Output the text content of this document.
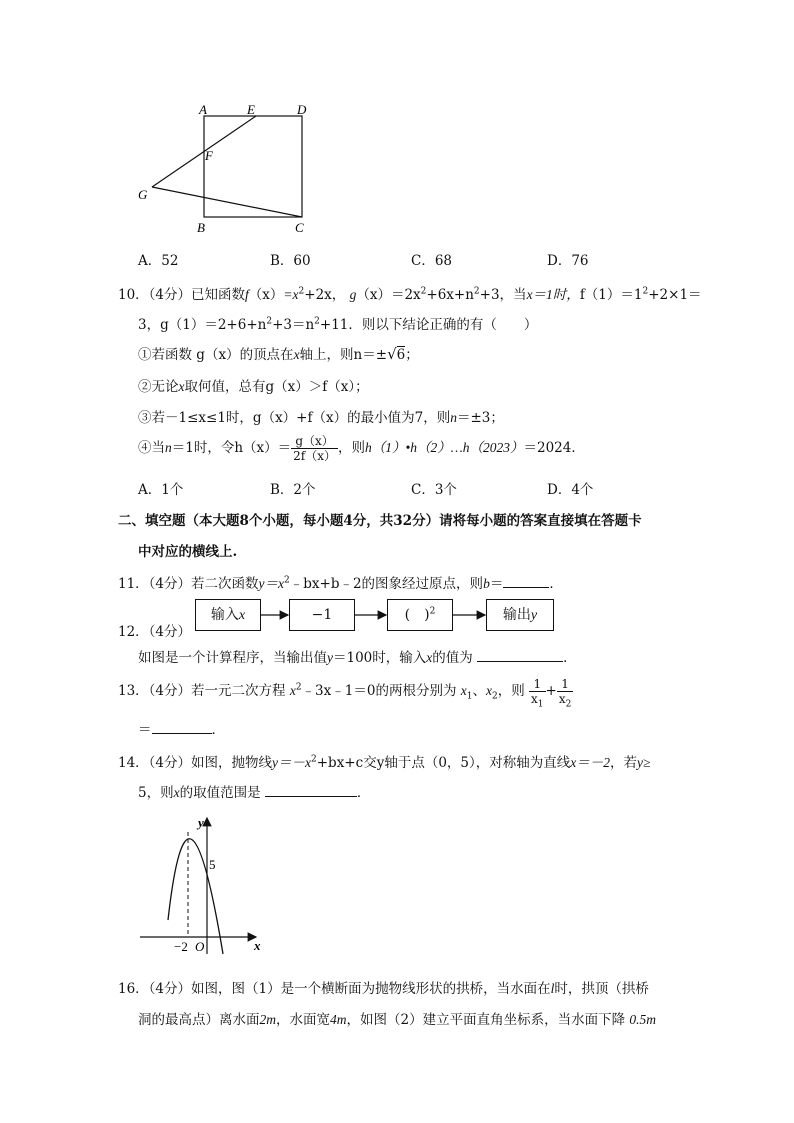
A	E	D
F
G
B	C
A．52	B．60	C．68	D．76
10．（4分）已知函数$f(x)=x^2+2x$， $g(x)=2x^2+6x+n^2+3$，当x＝1时，$f(1)=1^2+2\times 1=$
3，$g(1)=2+6+n^2+3=n^2+11$．则以下结论正确的有（　　）
①若函数 g（x）的顶点在x轴上，则n＝±√6；
②无论x取何值，总有g（x）＞f（x）；
③若－1≤x≤1时，g（x）+f（x）的最小值为7，则n＝±3；
④当n＝1时，令$h(x)= \frac{g(x)}{2f(x)}$ ，则h（1）•h（2）…h（2023）＝2024．
A．1个	B．2个	C．3个	D．4个
二、填空题（本大题8个小题，每小题4分，共32分）请将每小题的答案直接填在答题卡
中对应的横线上.
11．（4分）若二次函数$y=x^2﹣bx+b﹣2$的图象经过原点，则b＝	．
12．（4分）
输入x	−1	(　)$^2$	输出y
如图是一个计算程序，当输出值y＝100时，输入x的值为	．
13．（4分）若一元二次方程 $x^2﹣3x﹣1=0$的两根分别为 $x_1$、$x_2$，则 $\frac{1}{x_1} + \frac{1}{x_2}$
＝	．
14．（4分）如图，抛物线$y=-x^2+bx+c$交y轴于点（0，5），对称轴为直线x＝－2，若y≥
5，则x的取值范围是	．
y
x
5
−2 O
16．（4分）如图，图（1）是一个横断面为抛物线形状的拱桥，当水面在l时，拱顶（拱桥
洞的最高点）离水面2m，水面宽4m，如图（2）建立平面直角坐标系，当水面下降 0.5m
